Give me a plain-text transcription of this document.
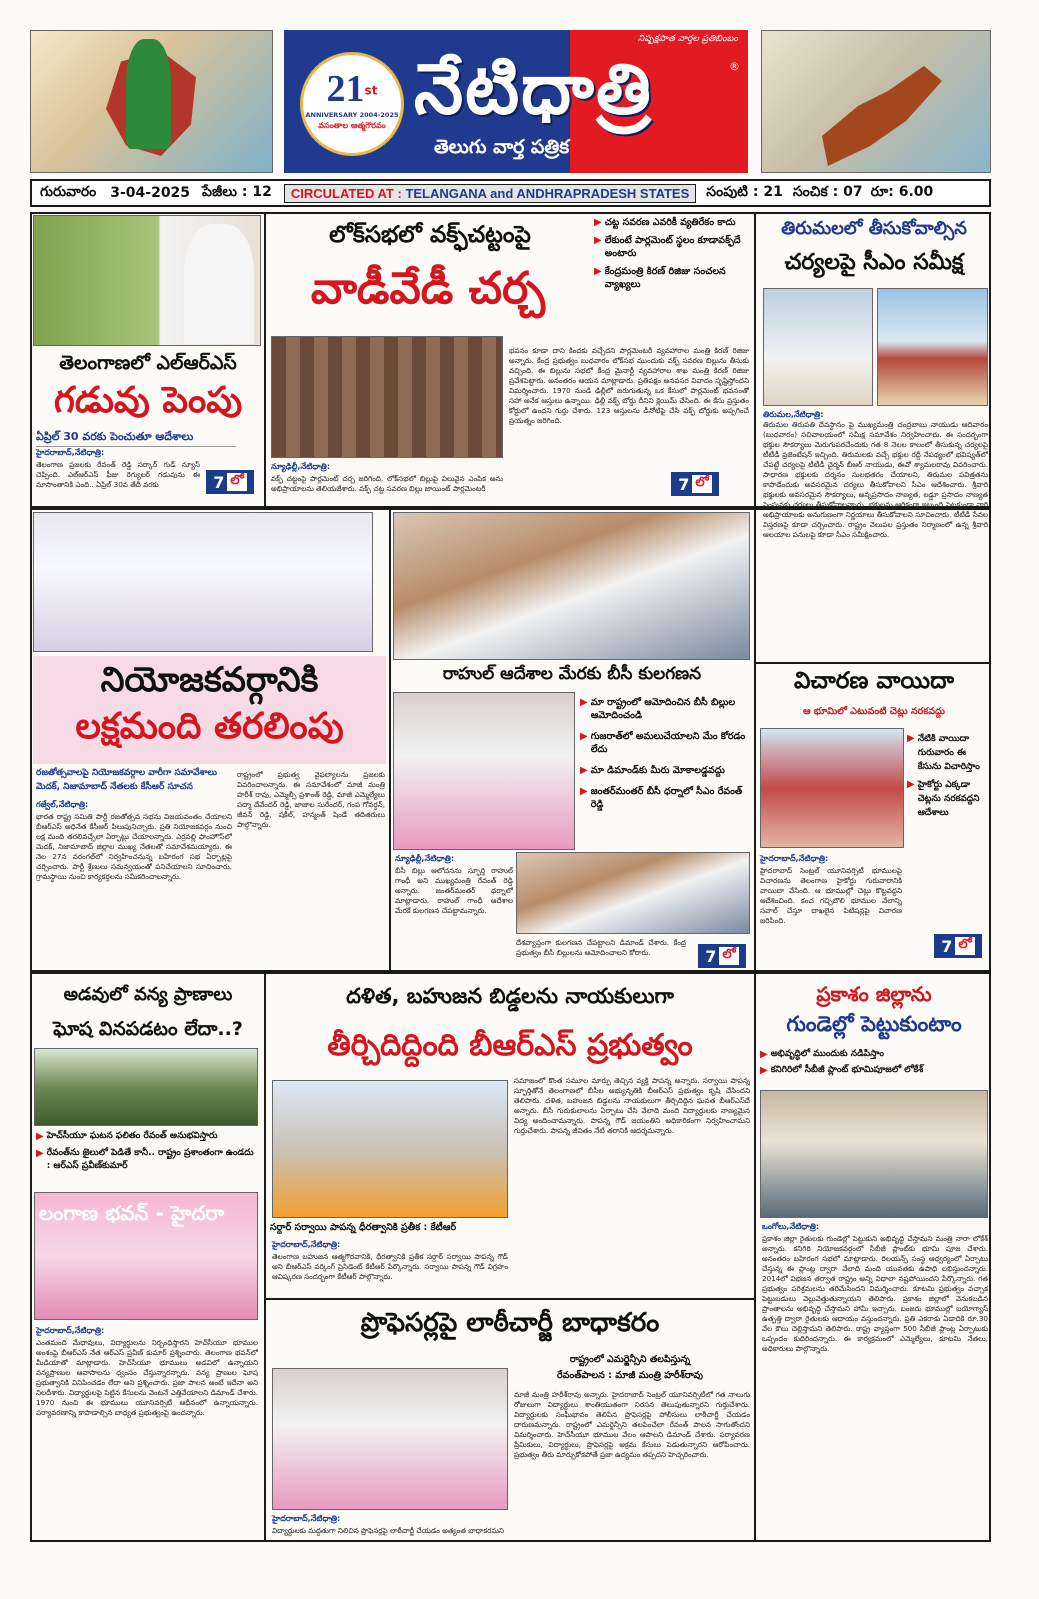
నిష్పక్షపాత వార్తల ప్రతిబింబం
21st
ANNIVERSARY 2004-2025
వసంతాల ఆత్మగౌరవం నేటిధాత్రి	®
తెలుగు వార్త పత్రిక
గురువారం 3-04-2025 పేజీలు : 12	CIRCULATED AT : TELANGANA and ANDHRAPRADESH STATES	సంపుటి : 21 సంచిక : 07 రూ: 6.00
తెలంగాణలో ఎల్‌ఆర్‌ఎస్
గడువు పెంపు
ఏప్రిల్ 30 వరకు పెంచుతూ ఆదేశాలు
హైదరాబాద్,నేటిధాత్రి:
తెలంగాణ ప్రజలకు రేవంత్ రెడ్డి సర్కార్ గుడ్ న్యూస్ చెప్పింది. ఎల్‌ఆర్‌ఎస్ ఫీజు రెగ్యులర్ గడువును ఈ మాసాంతానికి ఎంది.. ఏప్రిల్ 30వ తేదీ వరకు	7 లో
లోక్‌సభలో వక్ఫ్‌చట్టంపై
వాడీవేడీ చర్చ
▶ చట్ట సవరణ ఎవరికీ వ్యతిరేకం కాదు
▶ లేకుంటే పార్లమెంట్ స్థలం కూడావక్ఫ్‌దే అంటారు
▶ కేంద్రమంత్రి కిరణ్ రిజిజు సంచలన వ్యాఖ్యలు
న్యూఢిల్లీ,నేటిధాత్రి:
వక్ఫ్ చట్టంపై పార్లమెంట్ చర్చ జరిగింది. లోక్‌సభలో బిల్లుపై విలువైన ఎంపిక అను అభిప్రాయాలను తెలియజేశారు. వక్ఫ్ చట్ట సవరణ బిల్లు జాయింట్ పార్లమెంటరీ
భవనం కూడా దాని కిందకు వచ్చేదని పార్లమెంటరీ వ్యవహారాల మంత్రి కిరణ్ రిజిజు అన్నారు. కేంద్ర ప్రభుత్వం బుధవారం లోక్‌సభ ముందుకు వక్ఫ్ సవరణ బిల్లును తీసుకు వచ్చింది. ఈ బిల్లును సభలో కేంద్ర మైనార్టీ వ్యవహారాల శాఖ మంత్రి కిరణ్ రిజిజు ప్రవేశపెట్టారు. అనంతరం ఆయన మాట్లాడారు. ప్రతిపక్షం అనవసర వివాదం సృష్టిస్తోందని విమర్శించారు. 1970 నుండి ఢిల్లీలో జరుగుతున్న ఒక కేసులో పార్లమెంట్ భవనంతో సహా అనేక ఆస్తులు ఉన్నాయి. ఢిల్లీ వక్ఫ్ బోర్డు దీనిని క్లెయిమ్ చేసింది. ఈ కేసు ప్రస్తుతం కోర్టులో ఉందని గుర్తు చేశారు. 123 ఆస్తులను డీనోటిఫై చేసి వక్ఫ్ బోర్డుకు అప్పగించే ప్రయత్నం జరిగింది.
7 లో
తిరుమలలో తీసుకోవాల్సిన
చర్యలపై సీఎం సమీక్ష
తిరుమల,నేటిధాత్రి:
తిరుమల తిరుపతి దేవస్థానం పై ముఖ్యమంత్రి చంద్రబాబు నాయుడు ఆదివారం (బుధవారం) సచివాలయంలో సమీక్ష సమావేశం నిర్వహించారు. ఈ సందర్భంగా భక్తుల సౌకర్యాలు మెరుగుపరచేందుకు గత 8 నెలల కాలంలో తీసుకున్న చర్యలపై టీటీడీ ప్రజెంటేషన్ ఇచ్చింది. తిరుమలకు వచ్చే భక్తుల రద్దీ నేపథ్యంలో భవిష్యత్‌లో చేపట్టే చర్యలపై టీటీడీ చైర్మన్ బీఆర్ నాయుడు, ఈవో శ్యామలరావు వివరించారు. సాధారణ భక్తులకు దర్శనం సులభతరం చేయాలని, తిరుమల పవిత్రతను కాపాడేందుకు అవసరమైన చర్యలు తీసుకోవాలని సీఎం ఆదేశించారు. శ్రీవారి భక్తులకు అవసరమైన సౌకర్యాలు, అన్నప్రసాదం నాణ్యత, లడ్డూ ప్రసాదం నాణ్యత పెంపునకు చర్యలు తీసుకోవాలన్నారు. భక్తులను ఆర్థికంగా ఇబ్బంది పెట్టకుండా వారి అభిప్రాయాలకు అనుగుణంగా నిర్ణయాలు తీసుకోవాలని సూచించారు. టీటీడీ సేవల విస్తరణపై కూడా చర్చించారు. రాష్ట్రం వెలుపల ప్రస్తుతం నిర్మాణంలో ఉన్న శ్రీవారి ఆలయాల పనులపై కూడా సీఎం సమీక్షించారు.
నియోజకవర్గానికి
లక్షమంది తరలింపు
రజతోత్సవాలపై నియోజకవర్గాల వారీగా సమావేశాలు
మెదక్, నిజామాబాద్ నేతలకు కేసీఆర్ సూచన
గజ్వేల్,నేటిధాత్రి:
భారత రాష్ట్ర సమితి పార్టీ రజతోత్సవ సభను విజయవంతం చేయాలని బీఆర్‌ఎస్ అధినేత కేసీఆర్ పిలుపునిచ్చారు. ప్రతి నియోజకవర్గం నుంచి లక్ష మంది తరలివచ్చేలా ఏర్పాట్లు చేయాలన్నారు. ఎర్రవల్లి ఫాంహౌస్‌లో మెదక్, నిజామాబాద్ జిల్లాల ముఖ్య నేతలతో సమావేశమయ్యారు. ఈ నెల 27న వరంగల్‌లో నిర్వహించనున్న బహిరంగ సభ ఏర్పాట్లపై చర్చించారు. పార్టీ శ్రేణులు సమన్వయంతో పనిచేయాలని సూచించారు. గ్రామస్థాయి నుంచి కార్యకర్తలను సమీకరించాలన్నారు.
రాష్ట్రంలో ప్రభుత్వ వైఫల్యాలను ప్రజలకు వివరించాలన్నారు. ఈ సమావేశంలో మాజీ మంత్రి హరీశ్ రావు, ఎమ్మెల్సీ ప్రశాంత్ రెడ్డి, మాజీ ఎమ్మెల్యేలు పద్మా దేవేందర్ రెడ్డి, జాజాల సురేందర్, గంప గోవర్ధన్, జీవన్ రెడ్డి, షకీల్, హన్మంత్ షిండే తదితరులు పాల్గొన్నారు.
రాహుల్ ఆదేశాల మేరకు బీసీ కులగణన
▶ మా రాష్ట్రంలో ఆమోదించిన బీసీ బిల్లుల ఆమోదించండి
▶ గుజరాత్‌లో అమలుచేయాలని మేం కోరడం లేదు
▶ మా డిమాండ్‌కు మీరు మోకాలడ్డవద్దు
▶ జంతర్‌మంతర్ బీసీ ధర్నాలో సీఎం రేవంత్ రెడ్డి
న్యూఢిల్లీ,నేటిధాత్రి:
బీసీ బిల్లు ఆలోచనను స్ఫూర్తి రాహుల్ గాంధీ అని ముఖ్యమంత్రి రేవంత్ రెడ్డి అన్నారు. జంతర్‌మంతర్ ధర్నాలో మాట్లాడారు. రాహుల్ గాంధీ ఆదేశాల మేరకే కులగణన చేపట్టామన్నారు.
దేశవ్యాప్తంగా కులగణన చేపట్టాలని డిమాండ్ చేశారు. కేంద్ర ప్రభుత్వం బీసీ బిల్లులను ఆమోదించాలని కోరారు.	7 లో
విచారణ వాయిదా
ఆ భూమిలో ఎటువంటి చెట్లు నరకవద్దు
▶ నేటికి వాయిదా గురువారం ఈ కేసును విచారిస్తాం
▶ హైకోర్టు ఎక్కడా చెట్లను నరకవద్దని ఆదేశాలు
హైదరాబాద్,నేటిధాత్రి:
హైదరాబాద్ సెంట్రల్ యూనివర్సిటీ భూములపై విచారణను తెలంగాణ హైకోర్టు గురువారానికి వాయిదా వేసింది. ఆ భూముల్లో చెట్లు కొట్టవద్దని ఆదేశించింది. కంచ గచ్చిబౌలి భూముల వేలాన్ని సవాల్ చేస్తూ దాఖలైన పిటిషన్లపై విచారణ జరిపింది.
7 లో
అడవులో వన్య ప్రాణాలు
ఘోష వినపడటం లేదా..?
▶ హెచ్‌సీయూ ఘటన ఫలితం రేవంత్ అనుభవిస్తారు
▶ రేవంత్‌ను జైలులో పెడితే కానీ.. రాష్ట్రం ప్రశాంతంగా ఉండదు : ఆర్ఎస్ ప్రవీణ్‌కుమార్
లంగాణ భవన్ - హైదరా
హైదరాబాద్,నేటిధాత్రి:
ఎంతమంది మేధావులు, విద్యార్థులను నిర్బంధిస్తారని హెచ్‌సీయూ భూముల అంశంపై బీఆర్‌ఎస్ నేత ఆర్ఎస్ ప్రవీణ్ కుమార్ ప్రశ్నించారు. తెలంగాణ భవన్‌లో మీడియాతో మాట్లాడారు. హెచ్‌సీయూ భూములు అడవిలో ఉన్నాయని వన్యప్రాణుల ఆవాసాలను ధ్వంసం చేస్తున్నారన్నారు. వన్య ప్రాణుల ఘోష ప్రభుత్వానికి వినిపించడం లేదా అని ప్రశ్నించారు. ప్రజా పాలన అంటే ఇదేనా అని నిలదీశారు. విద్యార్థులపై పెట్టిన కేసులను వెంటనే ఎత్తివేయాలని డిమాండ్ చేశారు. 1970 నుంచి ఈ భూములు యూనివర్సిటీ ఆధీనంలో ఉన్నాయన్నారు. పర్యావరణాన్ని కాపాడాల్సిన బాధ్యత ప్రభుత్వంపై ఉందన్నారు.
దళిత, బహుజన బిడ్డలను నాయకులుగా
తీర్చిదిద్దింది బీఆర్‌ఎస్ ప్రభుత్వం
సర్దార్ సర్వాయి పాపన్న ధీరత్వానికి ప్రతీక : కేటీఆర్
హైదరాబాద్,నేటిధాత్రి:
తెలంగాణ బహుజన ఆత్మగౌరవానికి, ధీరత్వానికి ప్రతీక సర్దార్ సర్వాయి పాపన్న గౌడ్ అని బీఆర్‌ఎస్ వర్కింగ్ ప్రెసిడెంట్ కేటీఆర్ పేర్కొన్నారు. సర్వాయి పాపన్న గౌడ్ విగ్రహం ఆవిష్కరణ సందర్భంగా కేటీఆర్ పాల్గొన్నారు.
సమాజంలో కొంత సమూల మార్పు తెచ్చిన వ్యక్తి పాపన్న అన్నారు. సర్వాయి పాపన్న స్ఫూర్తితోనే తెలంగాణలో బీసీల అభ్యున్నతికి బీఆర్‌ఎస్ ప్రభుత్వం కృషి చేసిందని తెలిపారు. దళిత, బహుజన బిడ్డలను నాయకులుగా తీర్చిదిద్దిన ఘనత బీఆర్‌ఎస్‌దే అన్నారు. బీసీ గురుకులాలను ఏర్పాటు చేసి వేలాది మంది విద్యార్థులకు నాణ్యమైన విద్య అందించామన్నారు. పాపన్న గౌడ్ జయంతిని అధికారికంగా నిర్వహించామని గుర్తుచేశారు. పాపన్న జీవితం నేటి తరానికి ఆదర్శమన్నారు.
ప్రొఫెసర్లపై లాఠీచార్జీ బాధాకరం
రాష్ట్రంలో ఎమర్జెన్సీని తలపిస్తున్న
రేవంత్‌పాలన : మాజీ మంత్రి హరీశ్‌రావు
హైదరాబాద్,నేటిధాత్రి:
విద్యార్థులకు మద్దతుగా నిలిచిన ప్రొఫెసర్లపై లాఠీచార్జీ చేయడం అత్యంత బాధాకరమని
మాజీ మంత్రి హరీశ్‌రావు అన్నారు. హైదరాబాద్ సెంట్రల్ యూనివర్సిటీలో గత నాలుగు రోజులుగా విద్యార్థులు శాంతియుతంగా నిరసన తెలుపుతున్నారని గుర్తుచేశారు. విద్యార్థులకు సంఘీభావం తెలిపిన ప్రొఫెసర్లపై పోలీసులు లాఠీచార్జీ చేయడం దారుణమన్నారు. రాష్ట్రంలో ఎమర్జెన్సీని తలపించేలా రేవంత్ పాలన సాగుతోందని విమర్శించారు. హెచ్‌సీయూ భూముల వేలం ఆపాలని డిమాండ్ చేశారు. పర్యావరణ ప్రేమికులు, విద్యార్థులు, ప్రొఫెసర్లపై అక్రమ కేసులు పెడుతున్నారని ఆరోపించారు. ప్రభుత్వం తీరు మార్చుకోకపోతే ప్రజా ఉద్యమం తప్పదని హెచ్చరించారు.
ప్రకాశం జిల్లాను
గుండెల్లో పెట్టుకుంటాం
▶ అభివృద్ధిలో ముందుకు నడిపిస్తాం
▶ కనిగిరిలో సీబీజీ ప్లాంట్ భూమిపూజలో లోకేశ్
ఒంగోలు,నేటిధాత్రి:
ప్రకాశం జిల్లా రైతులకు గుండెల్లో పెట్టుకుని అభివృద్ధి చేస్తామని మంత్రి నారా లోకేశ్ అన్నారు. కనిగిరి నియోజకవర్గంలో సీబీజీ ప్లాంట్‌కు భూమి పూజ చేశారు. అనంతరం బహిరంగ సభలో మాట్లాడారు. రిలయన్స్ సంస్థ ఆధ్వర్యంలో ఏర్పాటు చేస్తున్న ఈ ప్లాంట్ల ద్వారా వేలాది మంది యువతకు ఉపాధి లభిస్తుందన్నారు. 2014లో విభజన తర్వాత రాష్ట్రం అన్ని విధాలా నష్టపోయిందని పేర్కొన్నారు. గత ప్రభుత్వం పరిశ్రమలను తరిమేసిందని విమర్శించారు. కూటమి ప్రభుత్వం వచ్చాక పెట్టుబడులు వెల్లువెత్తుతున్నాయని తెలిపారు. ప్రకాశం జిల్లాలో వెనుకబడిన ప్రాంతాలను అభివృద్ధి చేస్తామని హామీ ఇచ్చారు. బంజరు భూముల్లో బయోగ్యాస్ ఉత్పత్తి ద్వారా రైతులకు ఆదాయం వస్తుందన్నారు. ప్రతి ఎకరాకు ఏడాదికి రూ.30 వేల కౌలు చెల్లిస్తామని తెలిపారు. రాష్ట్ర వ్యాప్తంగా 500 సీబీజీ ప్లాంట్ల ఏర్పాటుకు ఒప్పందం కుదిరిందన్నారు. ఈ కార్యక్రమంలో ఎమ్మెల్యేలు, కూటమి నేతలు, అధికారులు పాల్గొన్నారు.
